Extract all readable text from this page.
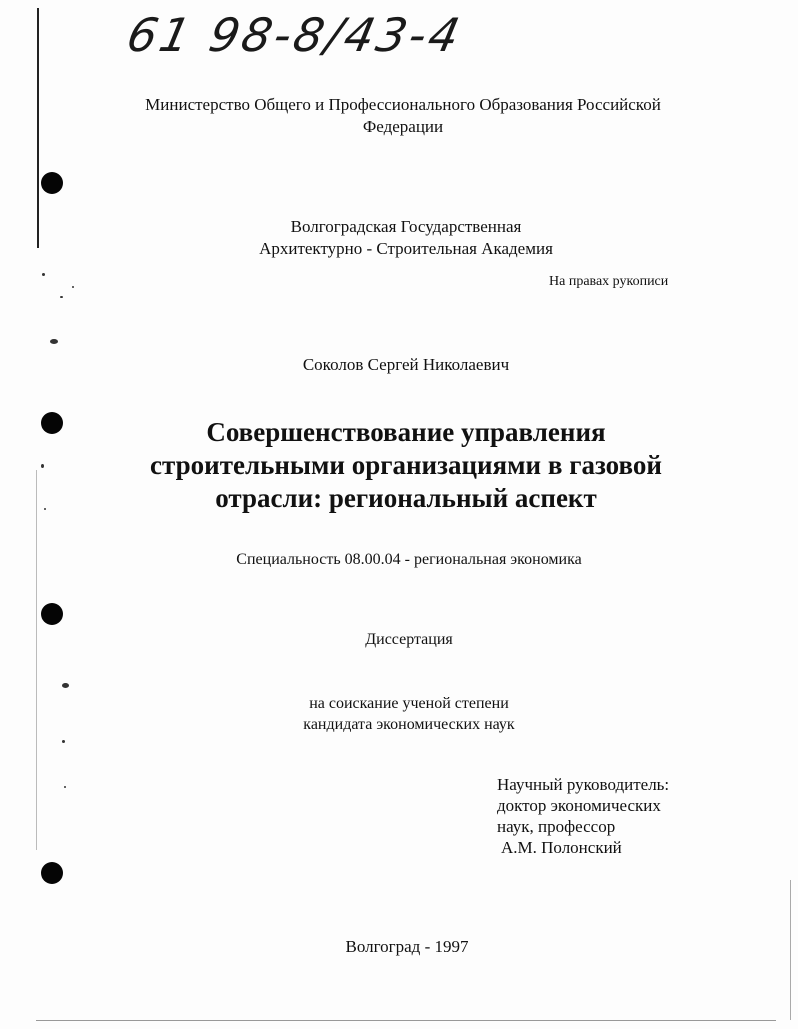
61 98-8/43-4
Министерство Общего и Профессионального Образования Российской
Федерации
Волгоградская Государственная
Архитектурно - Строительная Академия
На правах рукописи
Соколов Сергей Николаевич
Совершенствование управления
строительными организациями в газовой
отрасли: региональный аспект
Специальность 08.00.04 - региональная экономика
Диссертация
на соискание ученой степени
кандидата экономических наук
Научный руководитель:
доктор экономических
наук, профессор
А.М. Полонский
Волгоград - 1997
